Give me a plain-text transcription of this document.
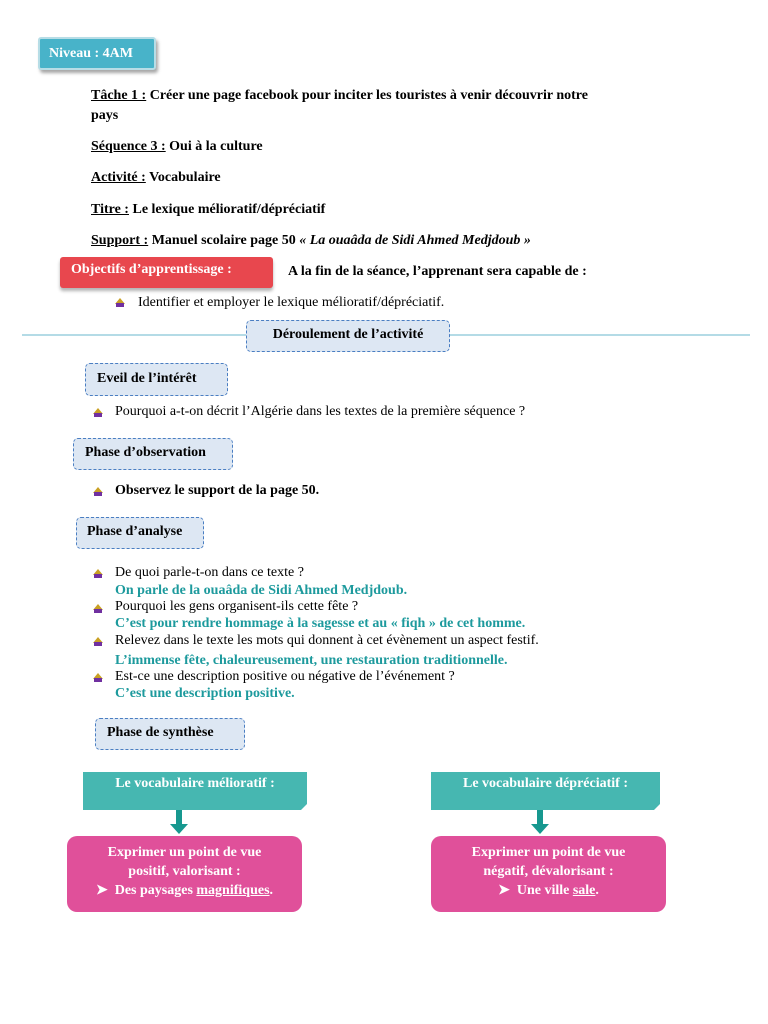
Niveau : 4AM
Tâche 1 : Créer une page facebook pour inciter les touristes à venir découvrir notre
pays
Séquence 3 : Oui à la culture
Activité : Vocabulaire
Titre : Le lexique mélioratif/dépréciatif
Support : Manuel scolaire page 50 « La ouaâda de Sidi Ahmed Medjdoub »
Objectifs d’apprentissage :	A la fin de la séance, l’apprenant sera capable de :
Identifier et employer le lexique mélioratif/dépréciatif.
Déroulement de l’activité
Eveil de l’intérêt
Pourquoi a-t-on décrit l’Algérie dans les textes de la première séquence ?
Phase d’observation
Observez le support de la page 50.
Phase d’analyse
De quoi parle-t-on dans ce texte ?
On parle de la ouaâda de Sidi Ahmed Medjdoub.
Pourquoi les gens organisent-ils cette fête ?
C’est pour rendre hommage à la sagesse et au « fiqh » de cet homme.
Relevez dans le texte les mots qui donnent à cet évènement un aspect festif.
L’immense fête, chaleureusement, une restauration traditionnelle.
Est-ce une description positive ou négative de l’événement ?
C’est une description positive.
Phase de synthèse
Le vocabulaire mélioratif :
Exprimer un point de vue
positif, valorisant :
➤  Des paysages magnifiques.
Le vocabulaire dépréciatif :
Exprimer un point de vue
négatif, dévalorisant :
➤  Une ville sale.
